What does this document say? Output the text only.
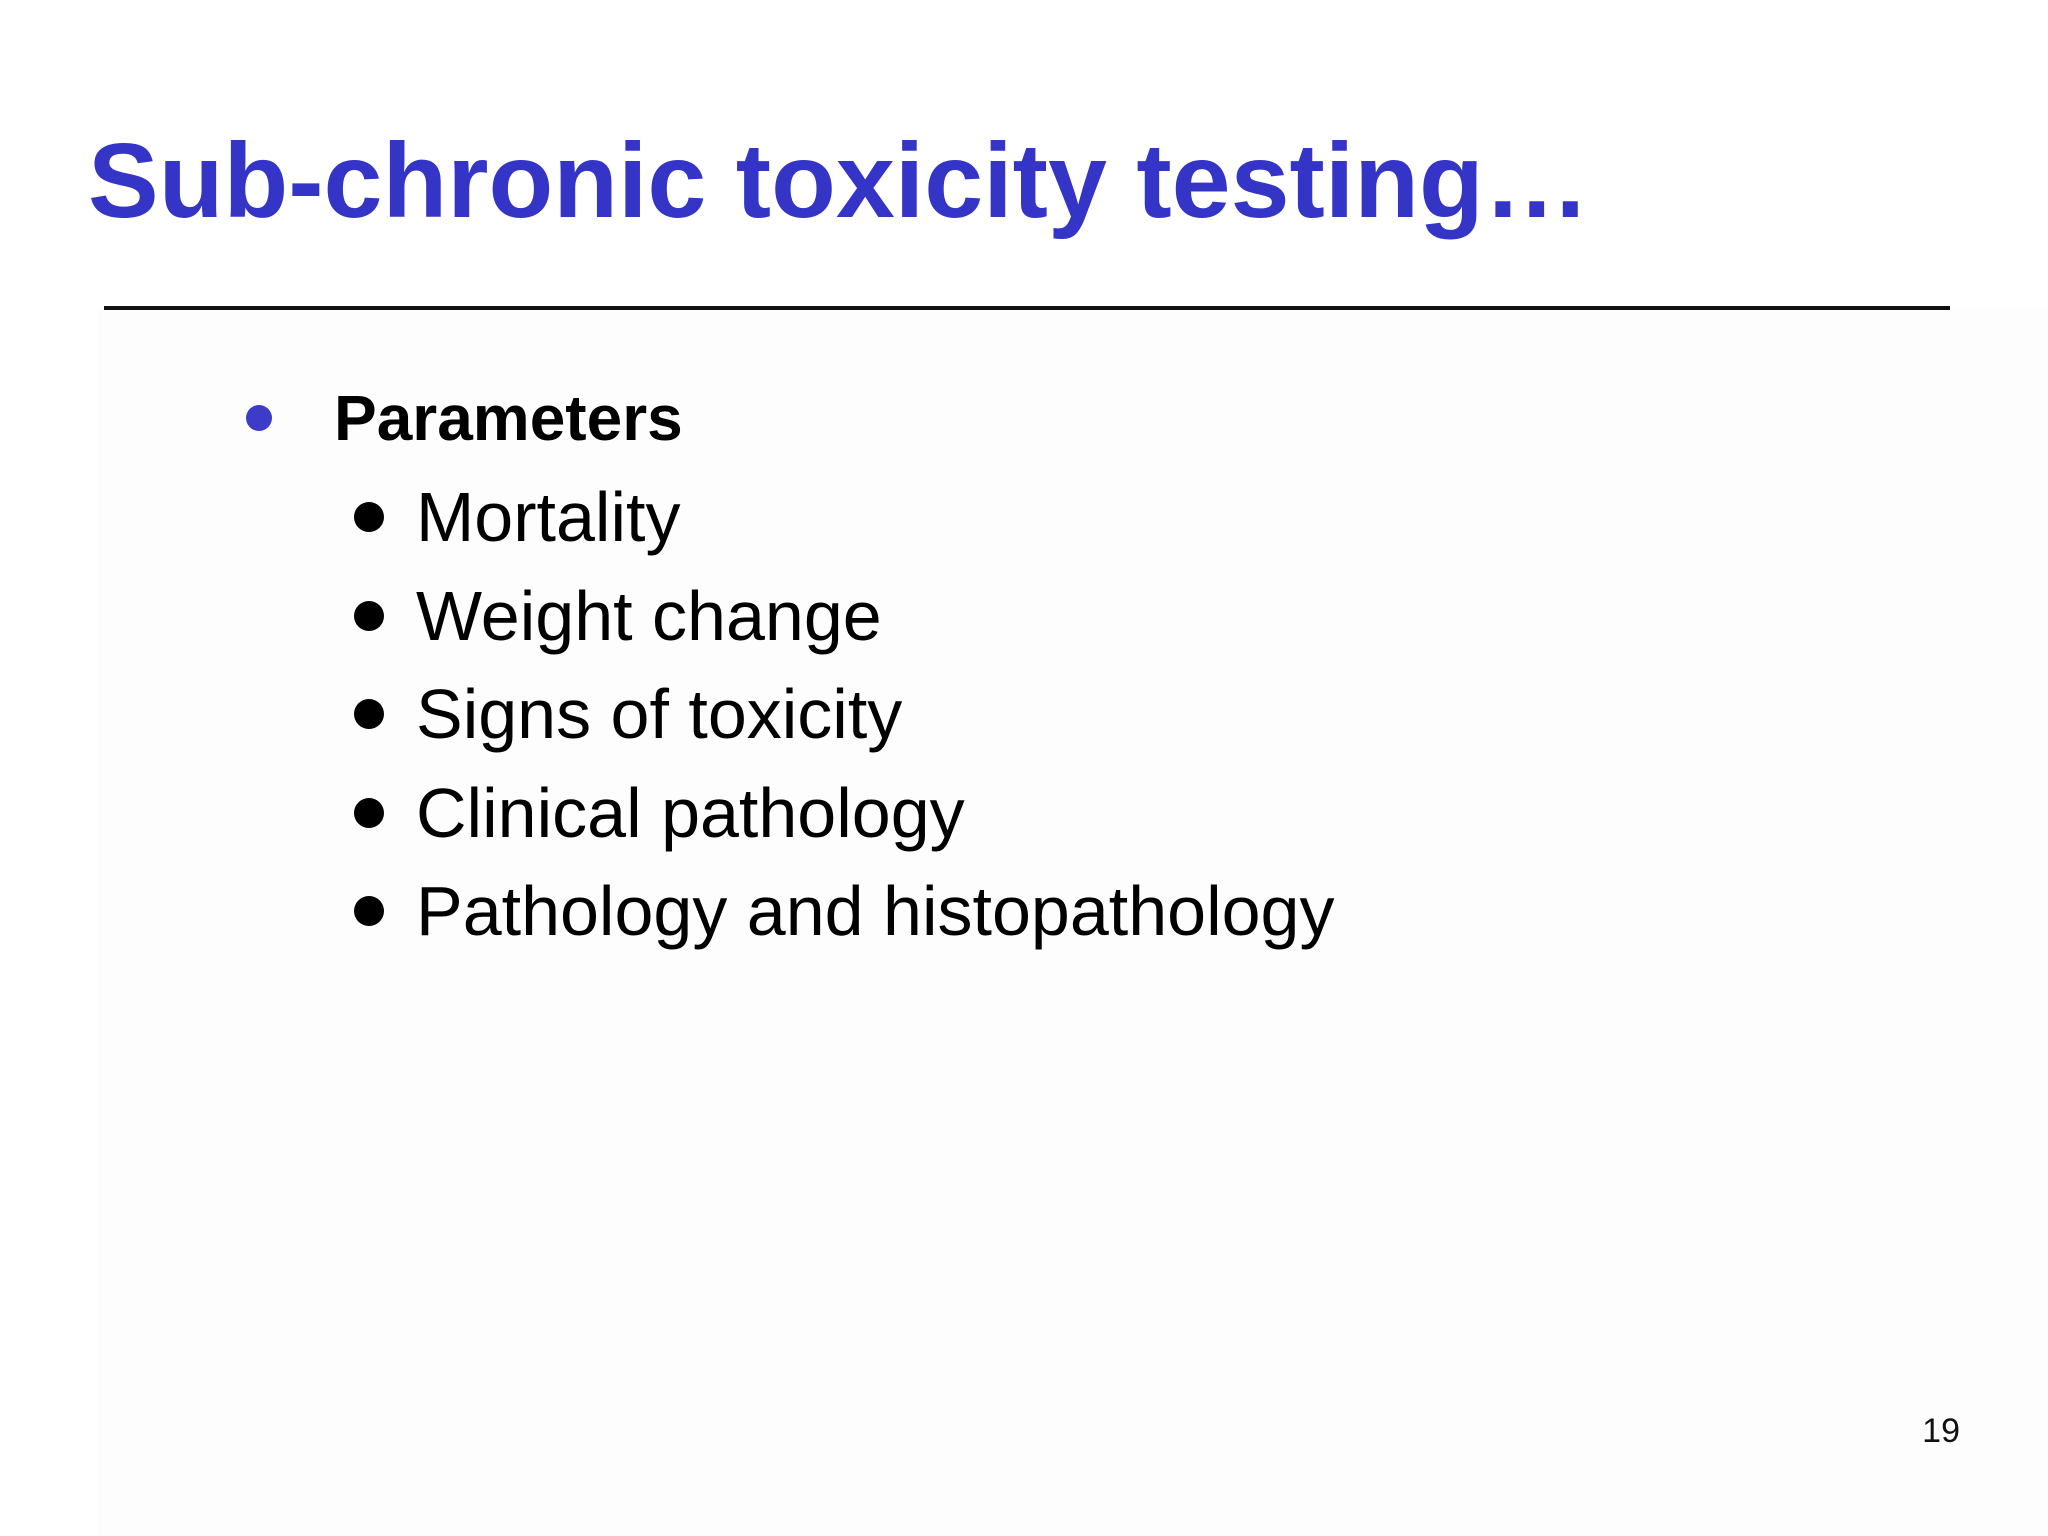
Sub-chronic toxicity testing…
Parameters
Mortality
Weight change
Signs of toxicity
Clinical pathology
Pathology and histopathology
19
